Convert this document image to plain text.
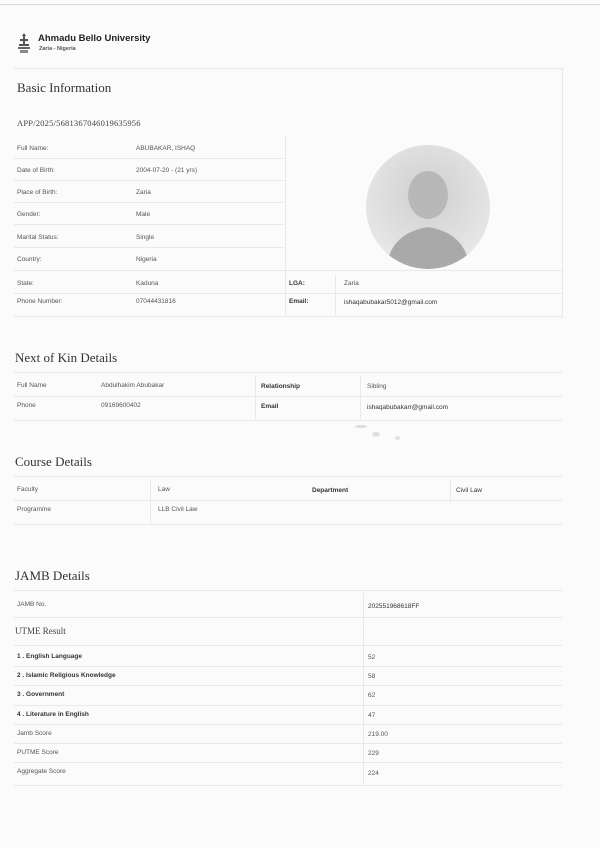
Ahmadu Bello University
Zaria - Nigeria
Basic Information
APP/2025/5681367046019635956
Full Name:	ABUBAKAR, ISHAQ
Date of Birth:	2004-07-20 - (21 yrs)
Place of Birth:	Zaria
Gender:	Male
Marital Status:	Single
Country:	Nigeria
State:	Kaduna	LGA:	Zaria
Phone Number:	07044431816	Email:	ishaqabubakar5012@gmail.com
Next of Kin Details
Full Name	Abdulhakim Abubakar	Relationship	Sibling
Phone	09169600402	Email	ishaqabubakarr@gmail.com
Course Details
Faculty	Law	Department	Civil Law
Programme	LLB Civil Law
JAMB Details
JAMB No.	202551968618FF
UTME Result
1 . English Language	52
2 . Islamic Religious Knowledge	58
3 . Government	62
4 . Literature in English	47
Jamb Score	219.00
PUTME Score	229
Aggregate Score	224
